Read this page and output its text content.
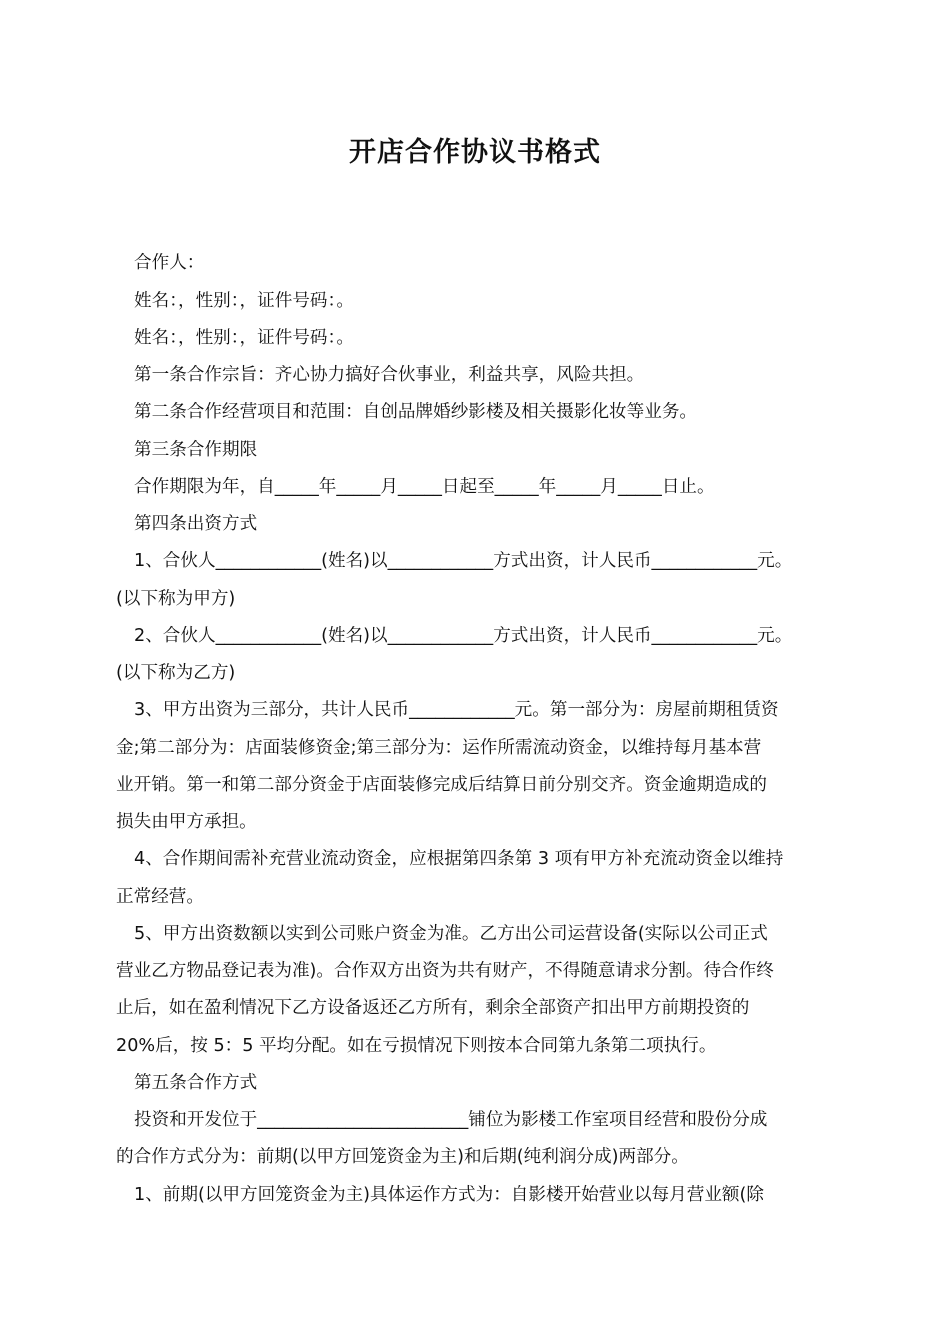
开店合作协议书格式
合作人：
姓名：，性别：，证件号码：。
姓名：，性别：，证件号码：。
第一条合作宗旨：齐心协力搞好合伙事业，利益共享，风险共担。
第二条合作经营项目和范围：自创品牌婚纱影楼及相关摄影化妆等业务。
第三条合作期限
合作期限为年，自_____年_____月_____日起至_____年_____月_____日止。
第四条出资方式
1、合伙人____________(姓名)以____________方式出资，计人民币____________元。
(以下称为甲方)
2、合伙人____________(姓名)以____________方式出资，计人民币____________元。
(以下称为乙方)
3、甲方出资为三部分，共计人民币____________元。第一部分为：房屋前期租赁资
金;第二部分为：店面装修资金;第三部分为：运作所需流动资金，以维持每月基本营
业开销。第一和第二部分资金于店面装修完成后结算日前分别交齐。资金逾期造成的
损失由甲方承担。
4、合作期间需补充营业流动资金，应根据第四条第 3 项有甲方补充流动资金以维持
正常经营。
5、甲方出资数额以实到公司账户资金为准。乙方出公司运营设备(实际以公司正式
营业乙方物品登记表为准)。合作双方出资为共有财产，不得随意请求分割。待合作终
止后，如在盈利情况下乙方设备返还乙方所有，剩余全部资产扣出甲方前期投资的
20%后，按 5：5 平均分配。如在亏损情况下则按本合同第九条第二项执行。
第五条合作方式
投资和开发位于________________________铺位为影楼工作室项目经营和股份分成
的合作方式分为：前期(以甲方回笼资金为主)和后期(纯利润分成)两部分。
1、前期(以甲方回笼资金为主)具体运作方式为：自影楼开始营业以每月营业额(除
